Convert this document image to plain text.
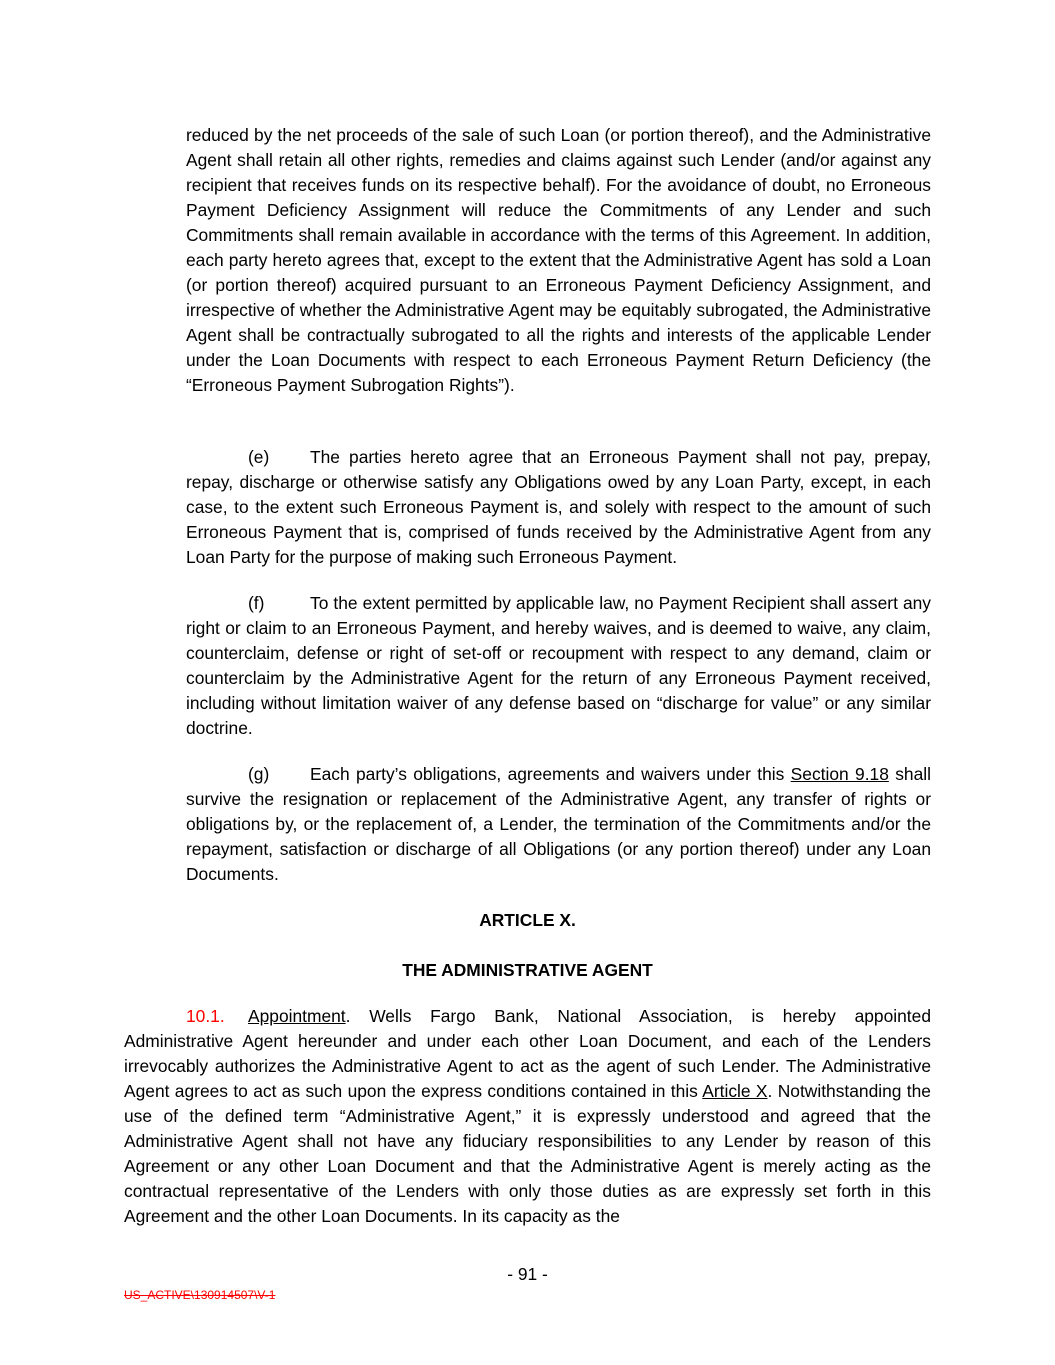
reduced by the net proceeds of the sale of such Loan (or portion thereof), and the Administrative Agent shall retain all other rights, remedies and claims against such Lender (and/or against any recipient that receives funds on its respective behalf). For the avoidance of doubt, no Erroneous Payment Deficiency Assignment will reduce the Commitments of any Lender and such Commitments shall remain available in accordance with the terms of this Agreement. In addition, each party hereto agrees that, except to the extent that the Administrative Agent has sold a Loan (or portion thereof) acquired pursuant to an Erroneous Payment Deficiency Assignment, and irrespective of whether the Administrative Agent may be equitably subrogated, the Administrative Agent shall be contractually subrogated to all the rights and interests of the applicable Lender under the Loan Documents with respect to each Erroneous Payment Return Deficiency (the “Erroneous Payment Subrogation Rights”).

(e) The parties hereto agree that an Erroneous Payment shall not pay, prepay, repay, discharge or otherwise satisfy any Obligations owed by any Loan Party, except, in each case, to the extent such Erroneous Payment is, and solely with respect to the amount of such Erroneous Payment that is, comprised of funds received by the Administrative Agent from any Loan Party for the purpose of making such Erroneous Payment.

(f)	To the extent permitted by applicable law, no Payment Recipient shall assert any right or claim to an Erroneous Payment, and hereby waives, and is deemed to waive, any claim, counterclaim, defense or right of set-off or recoupment with respect to any demand, claim or counterclaim by the Administrative Agent for the return of any Erroneous Payment received, including without limitation waiver of any defense based on “discharge for value” or any similar doctrine.

(g) Each party’s obligations, agreements and waivers under this Section 9.18 shall survive the resignation or replacement of the Administrative Agent, any transfer of rights or obligations by, or the replacement of, a Lender, the termination of the Commitments and/or the repayment, satisfaction or discharge of all Obligations (or any portion thereof) under any Loan Documents.

ARTICLE X.

THE ADMINISTRATIVE AGENT

10.1. Appointment. Wells Fargo Bank, National Association, is hereby appointed Administrative Agent hereunder and under each other Loan Document, and each of the Lenders irrevocably authorizes the Administrative Agent to act as the agent of such Lender. The Administrative Agent agrees to act as such upon the express conditions contained in this Article X. Notwithstanding the use of the defined term “Administrative Agent,” it is expressly understood and agreed that the Administrative Agent shall not have any fiduciary responsibilities to any Lender by reason of this Agreement or any other Loan Document and that the Administrative Agent is merely acting as the contractual representative of the Lenders with only those duties as are expressly set forth in this Agreement and the other Loan Documents. In its capacity as the

- 91 -
US_ACTIVE\130914507\V-1
